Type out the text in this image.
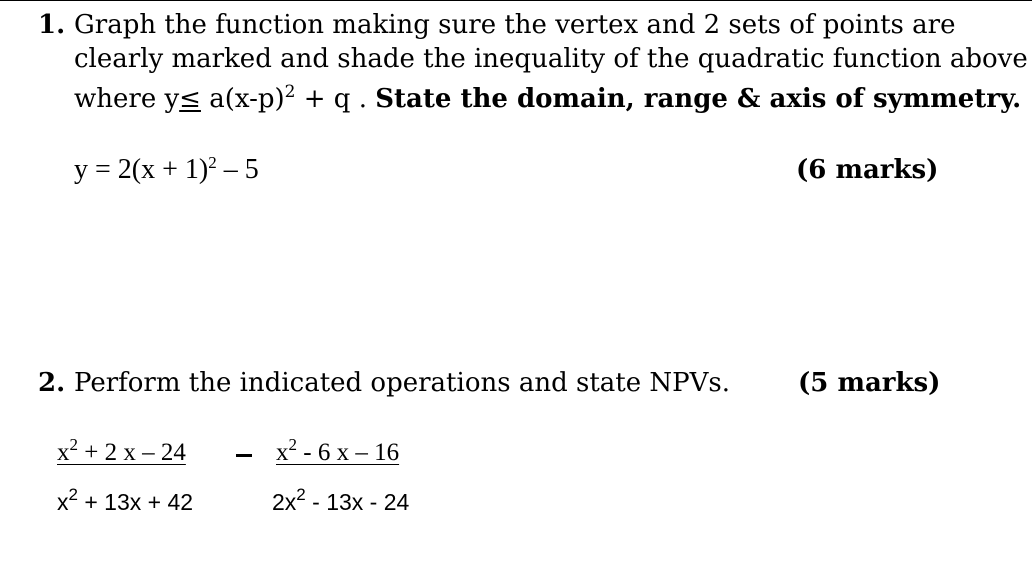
1. Graph the function making sure the vertex and 2 sets of points are
clearly marked and shade the inequality of the quadratic function above
where $y\le a(x-p)^2 + q$ . State the domain, range & axis of symmetry.
$y = 2(x + 1)^2 - 5$	(6 marks)
2. Perform the indicated operations and state NPVs.	(5 marks)
$x^2 + 2$ x – 24
$x^2 + 13x + 42$
$x^2 - 6$ x – 16
$2x^2 - 13x - 24$
